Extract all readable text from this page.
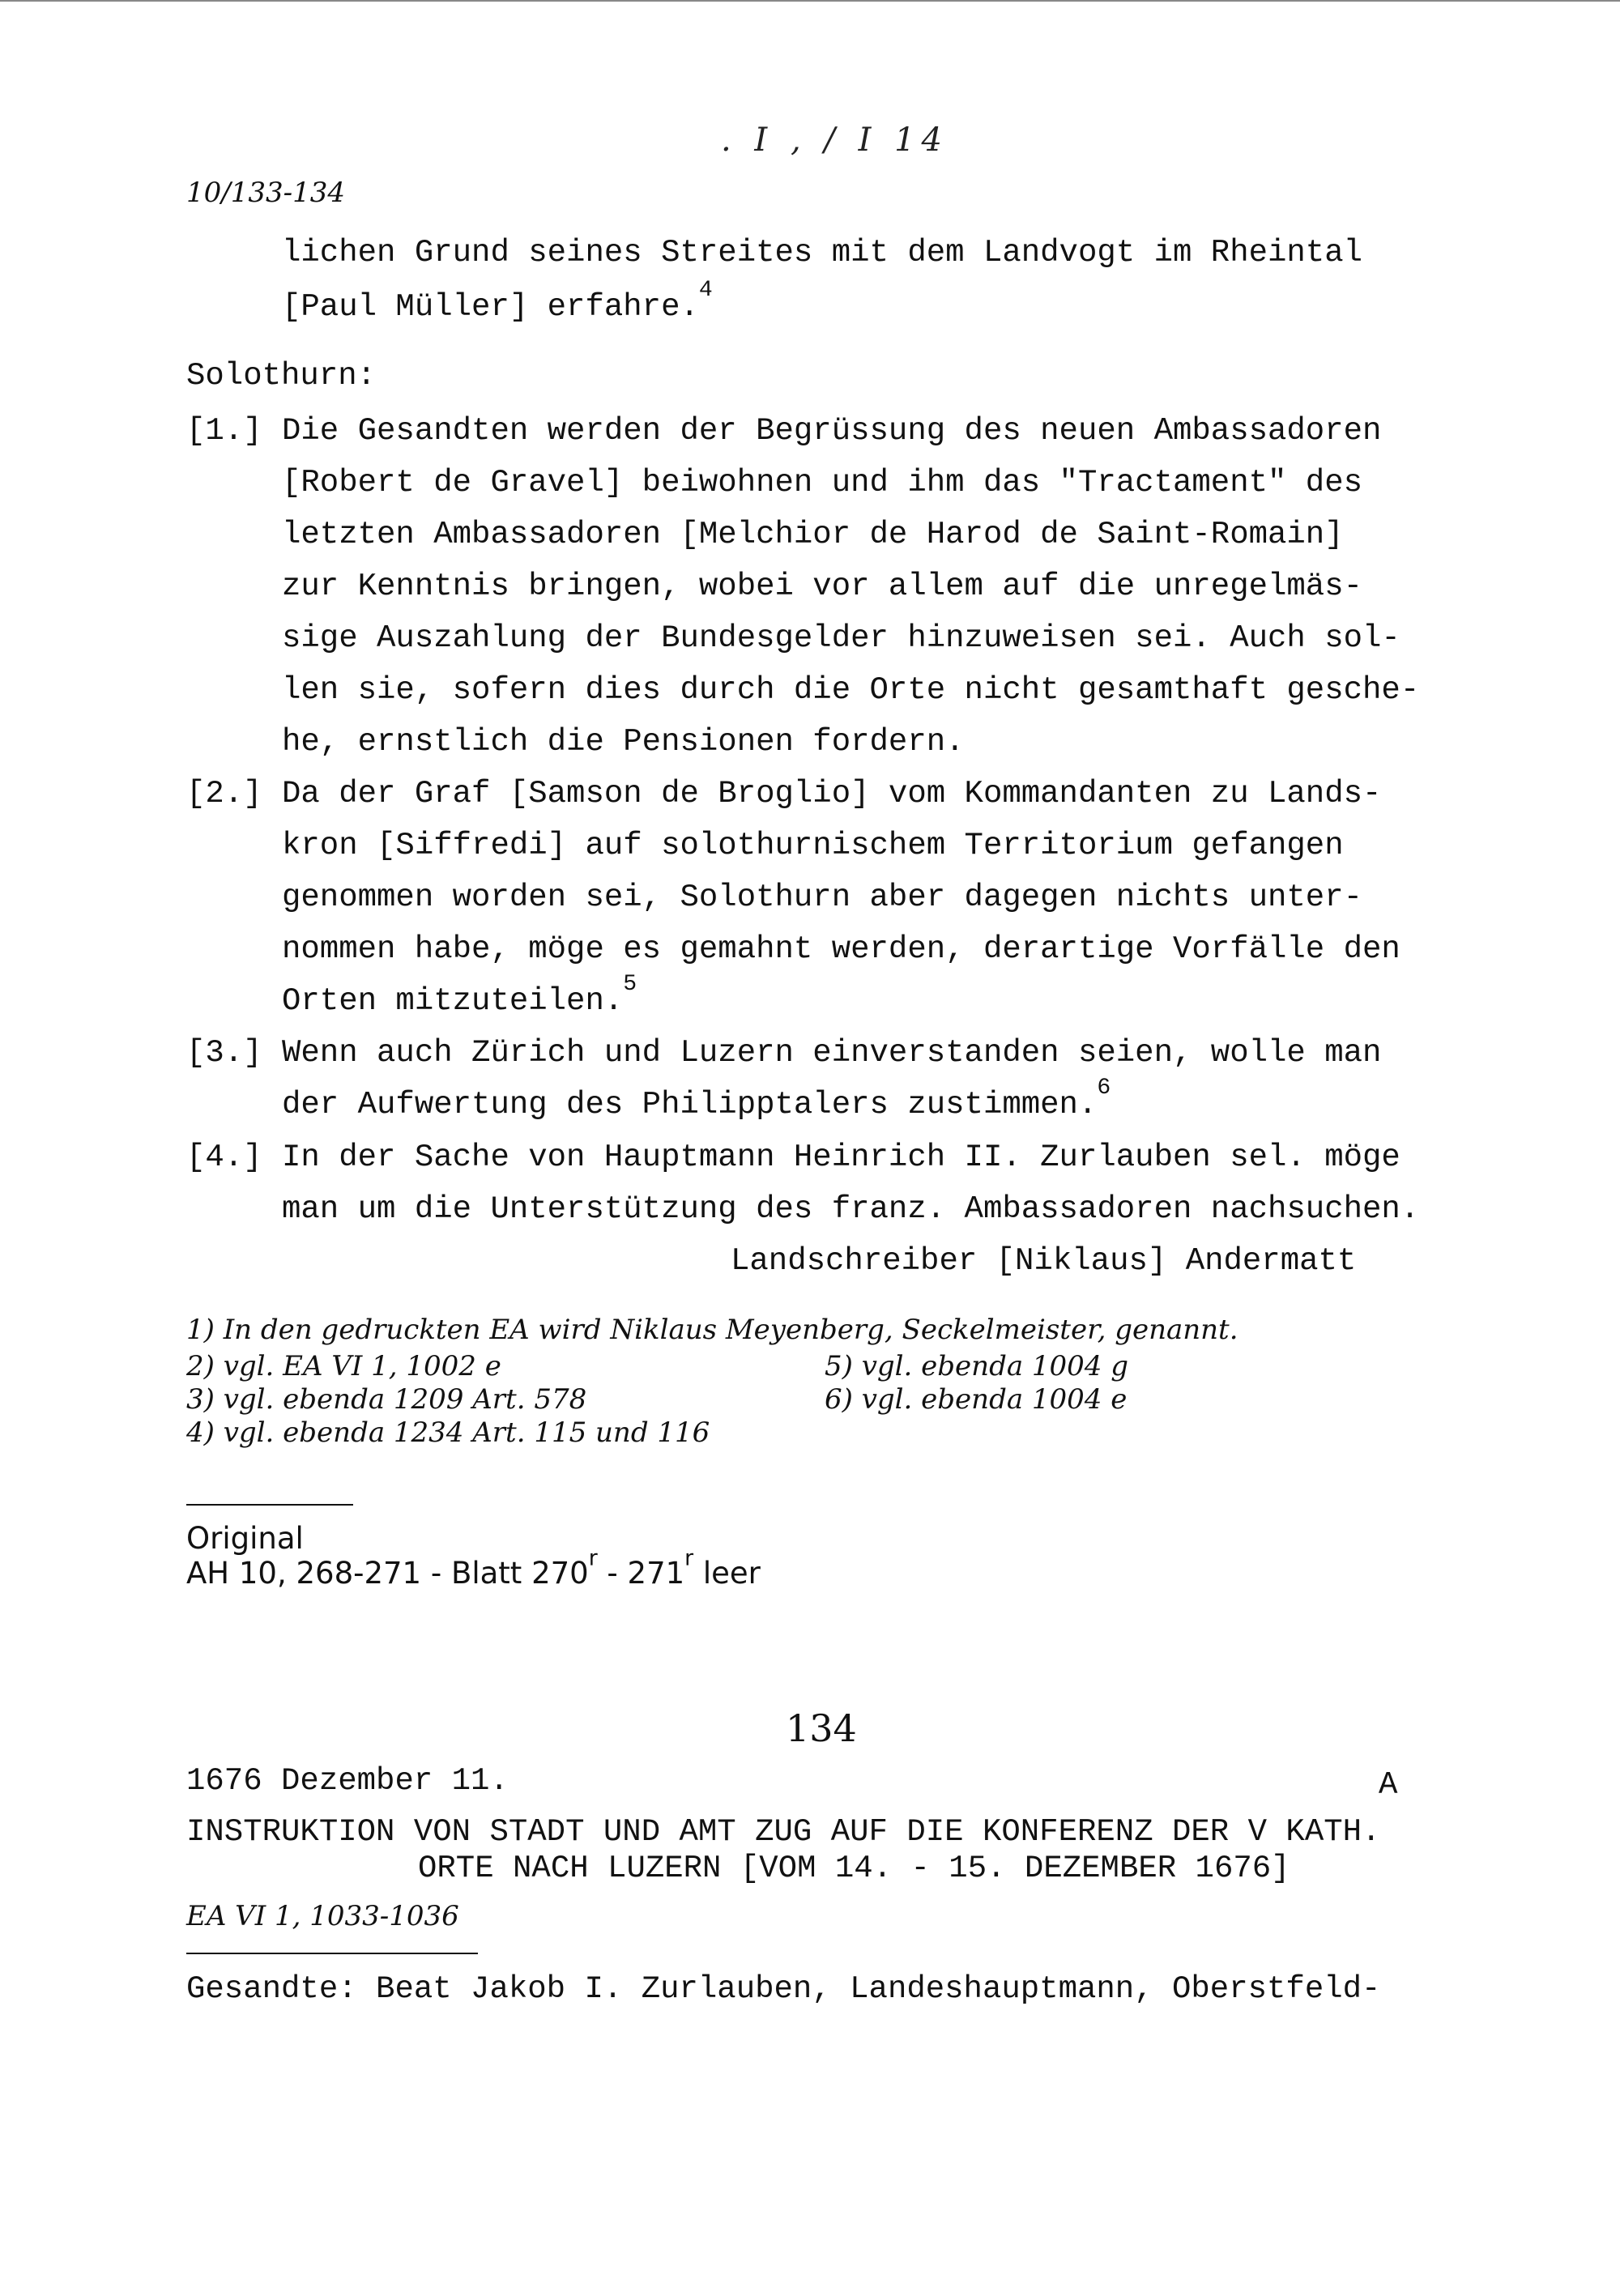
. I , / I 14
10/133-134
lichen Grund seines Streites mit dem Landvogt im Rheintal
[Paul Müller] erfahre.$^4$
Solothurn:
[1.] Die Gesandten werden der Begrüssung des neuen Ambassadoren
[Robert de Gravel] beiwohnen und ihm das "Tractament" des
letzten Ambassadoren [Melchior de Harod de Saint-Romain]
zur Kenntnis bringen, wobei vor allem auf die unregelmäs-
sige Auszahlung der Bundesgelder hinzuweisen sei. Auch sol-
len sie, sofern dies durch die Orte nicht gesamthaft gesche-
he, ernstlich die Pensionen fordern.
[2.] Da der Graf [Samson de Broglio] vom Kommandanten zu Lands-
kron [Siffredi] auf solothurnischem Territorium gefangen
genommen worden sei, Solothurn aber dagegen nichts unter-
nommen habe, möge es gemahnt werden, derartige Vorfälle den
Orten mitzuteilen.$^5$
[3.] Wenn auch Zürich und Luzern einverstanden seien, wolle man
der Aufwertung des Philipptalers zustimmen.$^6$
[4.] In der Sache von Hauptmann Heinrich II. Zurlauben sel. möge
man um die Unterstützung des franz. Ambassadoren nachsuchen.
Landschreiber [Niklaus] Andermatt
1) In den gedruckten EA wird Niklaus Meyenberg, Seckelmeister, genannt.
2) vgl. EA VI 1, 1002 e
3) vgl. ebenda 1209 Art. 578
4) vgl. ebenda 1234 Art. 115 und 116
5) vgl. ebenda 1004 g
6) vgl. ebenda 1004 e
Original
AH 10, 268-271 - Blatt 270$^r$ - 271$^r$ leer
134
1676 Dezember 11.	A
INSTRUKTION VON STADT UND AMT ZUG AUF DIE KONFERENZ DER V KATH.
ORTE NACH LUZERN [VOM 14. - 15. DEZEMBER 1676]
EA VI 1, 1033-1036
Gesandte: Beat Jakob I. Zurlauben, Landeshauptmann, Oberstfeld-
